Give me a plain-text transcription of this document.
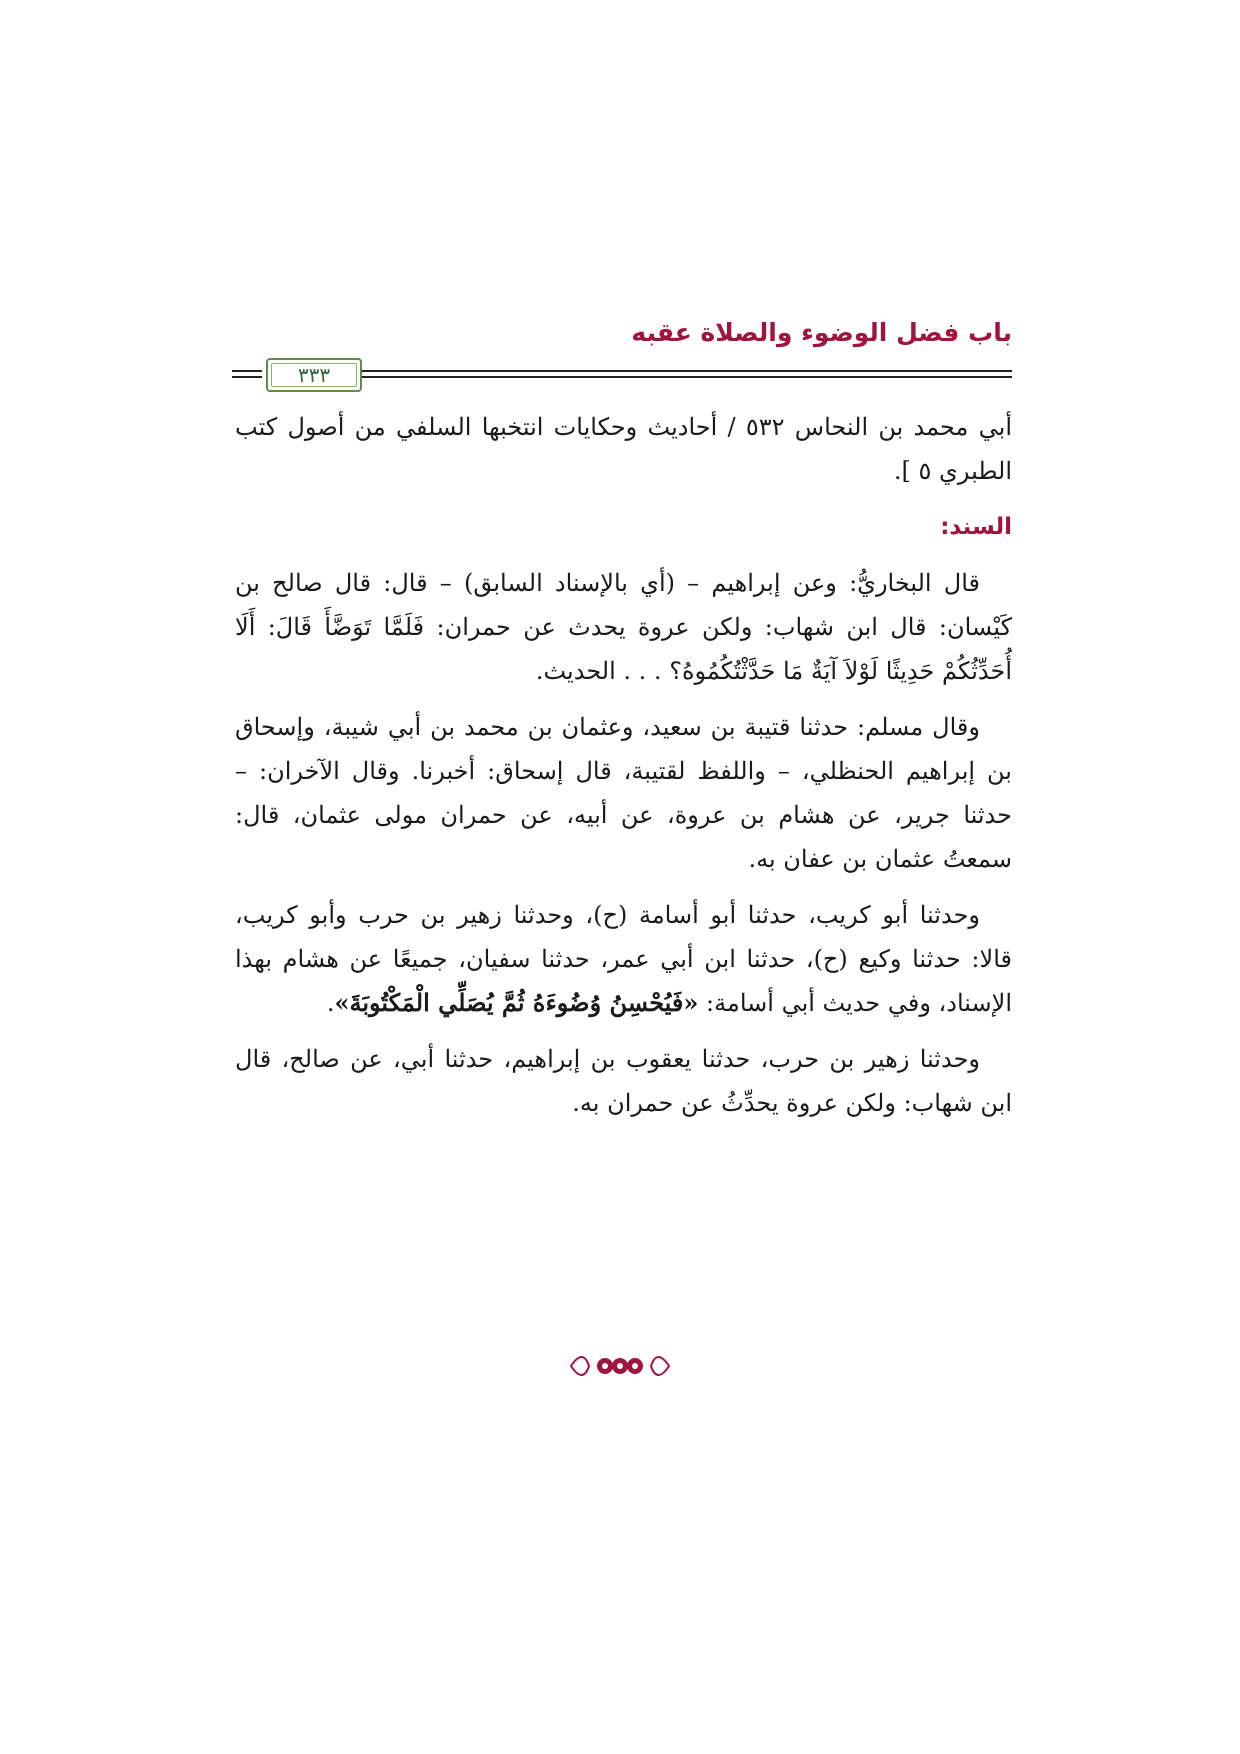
باب فضل الوضوء والصلاة عقبه
٣٣٣

أبي محمد بن النحاس ٥٣٢ / أحاديث وحكايات انتخبها السلفي من أصول كتب الطبري ٥ ].

السند:

قال البخاريُّ: وعن إبراهيم – (أي بالإسناد السابق) – قال: قال صالح بن كَيْسان: قال ابن شهاب: ولكن عروة يحدث عن حمران: فَلَمَّا تَوَضَّأَ قَالَ: أَلَا أُحَدِّثُكُمْ حَدِيثًا لَوْلاَ آيَةٌ مَا حَدَّثْتُكُمُوهُ؟ . . . الحديث.

وقال مسلم: حدثنا قتيبة بن سعيد، وعثمان بن محمد بن أبي شيبة، وإسحاق بن إبراهيم الحنظلي، – واللفظ لقتيبة، قال إسحاق: أخبرنا. وقال الآخران: – حدثنا جرير، عن هشام بن عروة، عن أبيه، عن حمران مولى عثمان، قال: سمعتُ عثمان بن عفان به.

وحدثنا أبو كريب، حدثنا أبو أسامة (ح)، وحدثنا زهير بن حرب وأبو كريب، قالا: حدثنا وكيع (ح)، حدثنا ابن أبي عمر، حدثنا سفيان، جميعًا عن هشام بهذا الإسناد، وفي حديث أبي أسامة: «فَيُحْسِنُ وُضُوءَهُ ثُمَّ يُصَلِّي الْمَكْتُوبَةَ».

وحدثنا زهير بن حرب، حدثنا يعقوب بن إبراهيم، حدثنا أبي، عن صالح، قال ابن شهاب: ولكن عروة يحدِّثُ عن حمران به.
